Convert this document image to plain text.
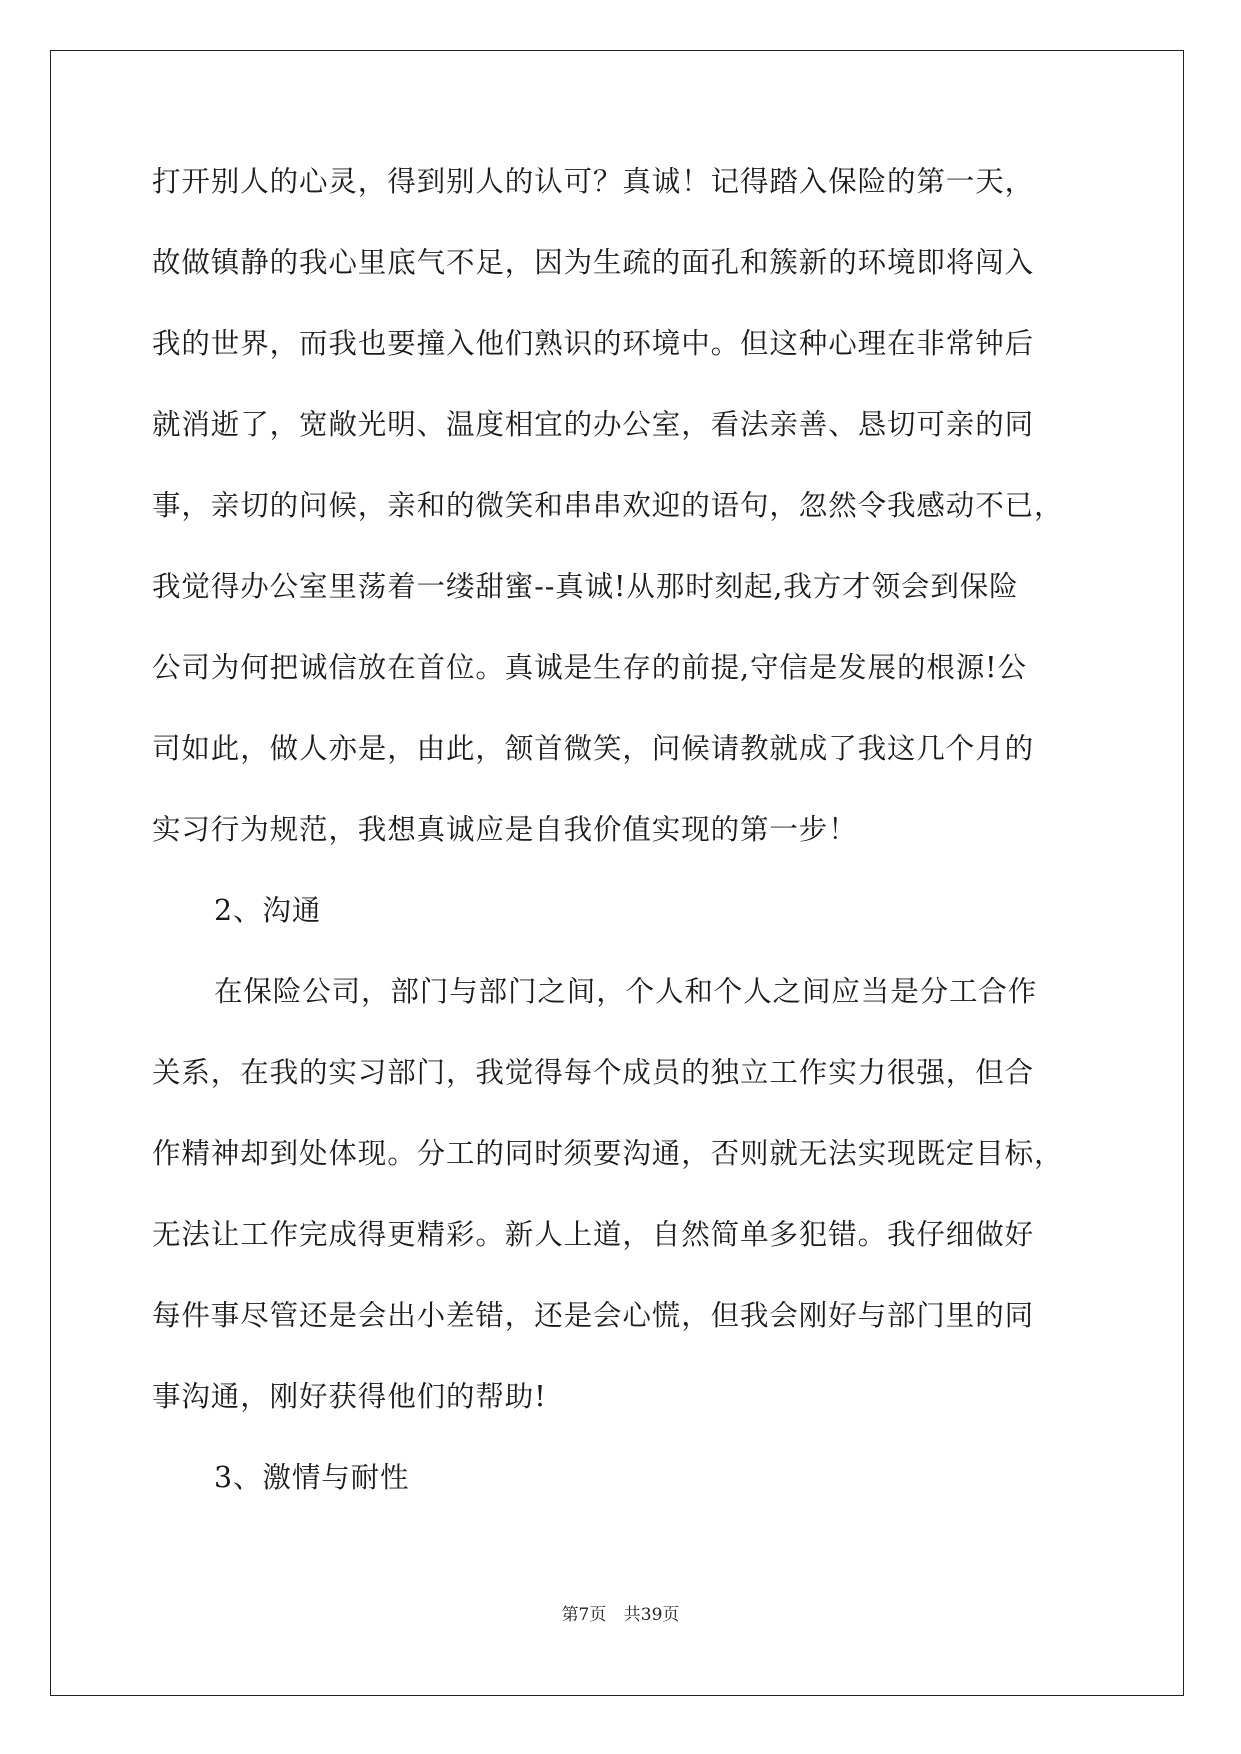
打开别人的心灵，得到别人的认可？真诚！记得踏入保险的第一天，
故做镇静的我心里底气不足，因为生疏的面孔和簇新的环境即将闯入
我的世界，而我也要撞入他们熟识的环境中。但这种心理在非常钟后
就消逝了，宽敞光明、温度相宜的办公室，看法亲善、恳切可亲的同
事，亲切的问候，亲和的微笑和串串欢迎的语句，忽然令我感动不已，
我觉得办公室里荡着一缕甜蜜--真诚!从那时刻起,我方才领会到保险
公司为何把诚信放在首位。真诚是生存的前提,守信是发展的根源!公
司如此，做人亦是，由此，颔首微笑，问候请教就成了我这几个月的
实习行为规范，我想真诚应是自我价值实现的第一步！
2、沟通
在保险公司，部门与部门之间，个人和个人之间应当是分工合作
关系，在我的实习部门，我觉得每个成员的独立工作实力很强，但合
作精神却到处体现。分工的同时须要沟通，否则就无法实现既定目标，
无法让工作完成得更精彩。新人上道，自然简单多犯错。我仔细做好
每件事尽管还是会出小差错，还是会心慌，但我会刚好与部门里的同
事沟通，刚好获得他们的帮助!
3、激情与耐性
第7页 共39页
